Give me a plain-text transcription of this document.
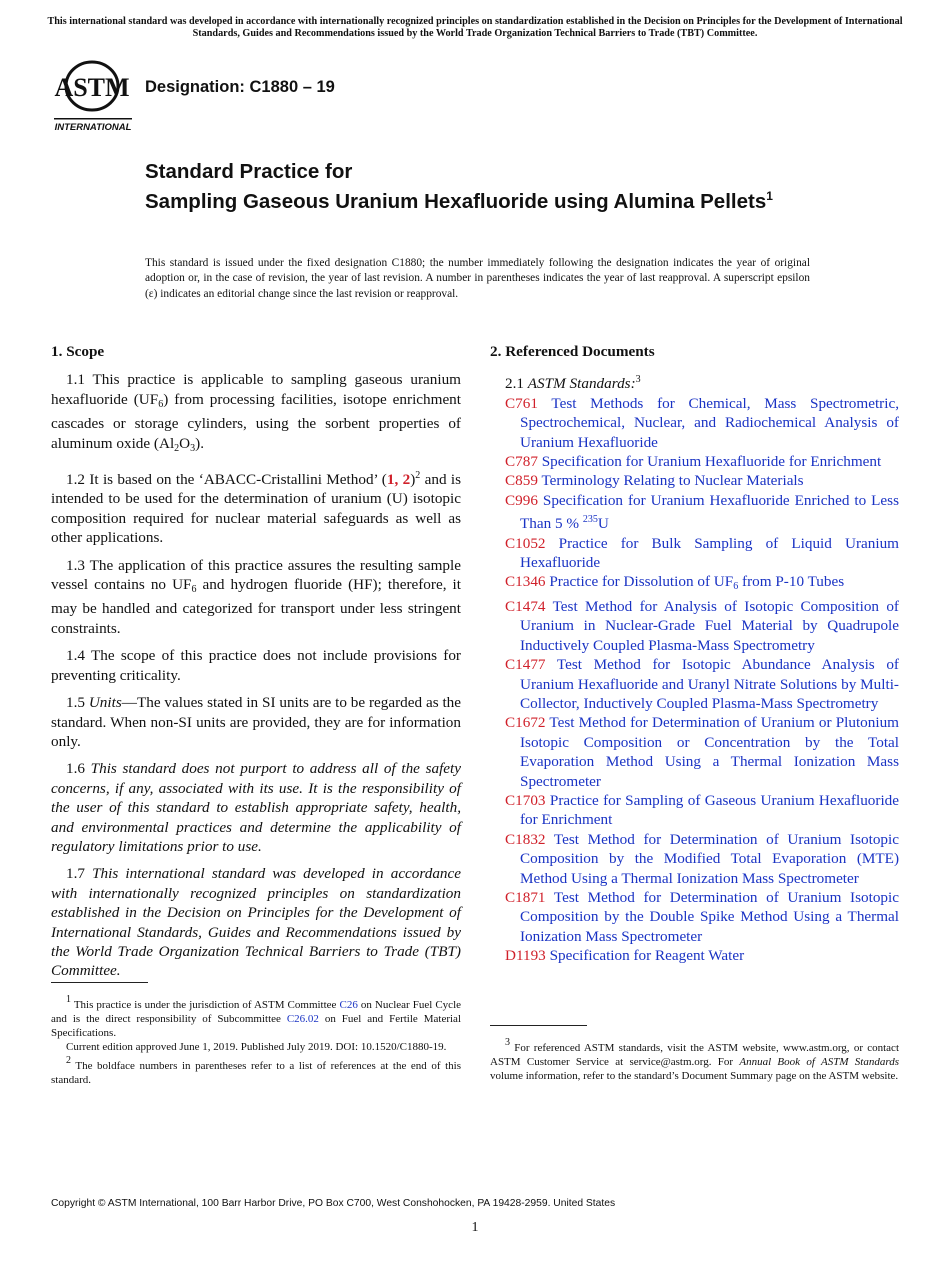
This international standard was developed in accordance with internationally recognized principles on standardization established in the Decision on Principles for the Development of International Standards, Guides and Recommendations issued by the World Trade Organization Technical Barriers to Trade (TBT) Committee.
ASTM
INTERNATIONAL
Designation: C1880 – 19
Standard Practice for
Sampling Gaseous Uranium Hexafluoride using Alumina Pellets$^1$
This standard is issued under the fixed designation C1880; the number immediately following the designation indicates the year of original adoption or, in the case of revision, the year of last revision. A number in parentheses indicates the year of last reapproval. A superscript epsilon (ε) indicates an editorial change since the last revision or reapproval.
1. Scope

1.1 This practice is applicable to sampling gaseous uranium hexafluoride $(UF_6)$ from processing facilities, isotope enrichment cascades or storage cylinders, using the sorbent properties of aluminum oxide $(Al_2O_3)$.

1.2 It is based on the ‘ABACC-Cristallini Method’ (1, 2)$^2$ and is intended to be used for the determination of uranium (U) isotopic composition required for nuclear material safeguards as well as other applications.

1.3 The application of this practice assures the resulting sample vessel contains no $UF_6$ and hydrogen fluoride (HF); therefore, it may be handled and categorized for transport under less stringent constraints.

1.4 The scope of this practice does not include provisions for preventing criticality.

1.5 Units—The values stated in SI units are to be regarded as the standard. When non-SI units are provided, they are for information only.

1.6 This standard does not purport to address all of the safety concerns, if any, associated with its use. It is the responsibility of the user of this standard to establish appropriate safety, health, and environmental practices and determine the applicability of regulatory limitations prior to use.

1.7 This international standard was developed in accordance with internationally recognized principles on standardization established in the Decision on Principles for the Development of International Standards, Guides and Recommendations issued by the World Trade Organization Technical Barriers to Trade (TBT) Committee.

2. Referenced Documents
2.1 ASTM Standards:$^3$

C761 Test Methods for Chemical, Mass Spectrometric, Spectrochemical, Nuclear, and Radiochemical Analysis of Uranium Hexafluoride

C787 Specification for Uranium Hexafluoride for Enrichment

C859 Terminology Relating to Nuclear Materials

C996 Specification for Uranium Hexafluoride Enriched to Less Than 5 % $^{235}$U

C1052 Practice for Bulk Sampling of Liquid Uranium Hexafluoride

C1346 Practice for Dissolution of $UF_6$ from P-10 Tubes

C1474 Test Method for Analysis of Isotopic Composition of Uranium in Nuclear-Grade Fuel Material by Quadrupole Inductively Coupled Plasma-Mass Spectrometry

C1477 Test Method for Isotopic Abundance Analysis of Uranium Hexafluoride and Uranyl Nitrate Solutions by Multi-Collector, Inductively Coupled Plasma-Mass Spectrometry

C1672 Test Method for Determination of Uranium or Plutonium Isotopic Composition or Concentration by the Total Evaporation Method Using a Thermal Ionization Mass Spectrometer

C1703 Practice for Sampling of Gaseous Uranium Hexafluoride for Enrichment

C1832 Test Method for Determination of Uranium Isotopic Composition by the Modified Total Evaporation (MTE) Method Using a Thermal Ionization Mass Spectrometer

C1871 Test Method for Determination of Uranium Isotopic Composition by the Double Spike Method Using a Thermal Ionization Mass Spectrometer

D1193 Specification for Reagent Water

1 This practice is under the jurisdiction of ASTM Committee C26 on Nuclear Fuel Cycle and is the direct responsibility of Subcommittee C26.02 on Fuel and Fertile Material Specifications.

Current edition approved June 1, 2019. Published July 2019. DOI: 10.1520/C1880-19.

2 The boldface numbers in parentheses refer to a list of references at the end of this standard.

3 For referenced ASTM standards, visit the ASTM website, www.astm.org, or contact ASTM Customer Service at service@astm.org. For Annual Book of ASTM Standards volume information, refer to the standard’s Document Summary page on the ASTM website.

Copyright © ASTM International, 100 Barr Harbor Drive, PO Box C700, West Conshohocken, PA 19428-2959. United States
1
